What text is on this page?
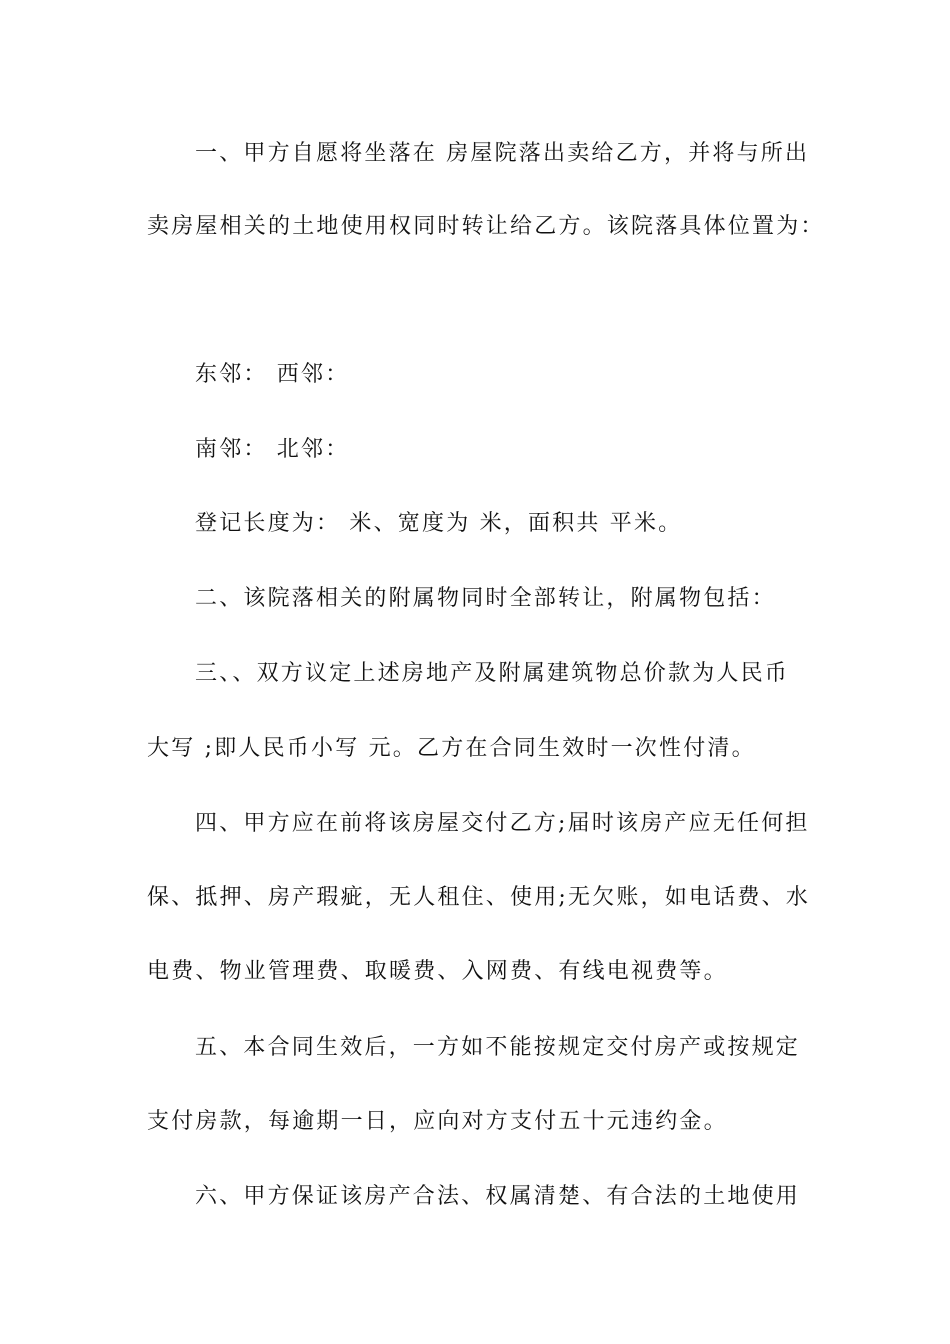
一、甲方自愿将坐落在 房屋院落出卖给乙方，并将与所出
卖房屋相关的土地使用权同时转让给乙方。该院落具体位置为：
东邻： 西邻：
南邻： 北邻：
登记长度为： 米、宽度为 米，面积共 平米。
二、该院落相关的附属物同时全部转让，附属物包括：
三、、双方议定上述房地产及附属建筑物总价款为人民币
大写 ;即人民币小写 元。乙方在合同生效时一次性付清。
四、甲方应在前将该房屋交付乙方;届时该房产应无任何担
保、抵押、房产瑕疵，无人租住、使用;无欠账，如电话费、水
电费、物业管理费、取暖费、入网费、有线电视费等。
五、本合同生效后，一方如不能按规定交付房产或按规定
支付房款，每逾期一日，应向对方支付五十元违约金。
六、甲方保证该房产合法、权属清楚、有合法的土地使用
